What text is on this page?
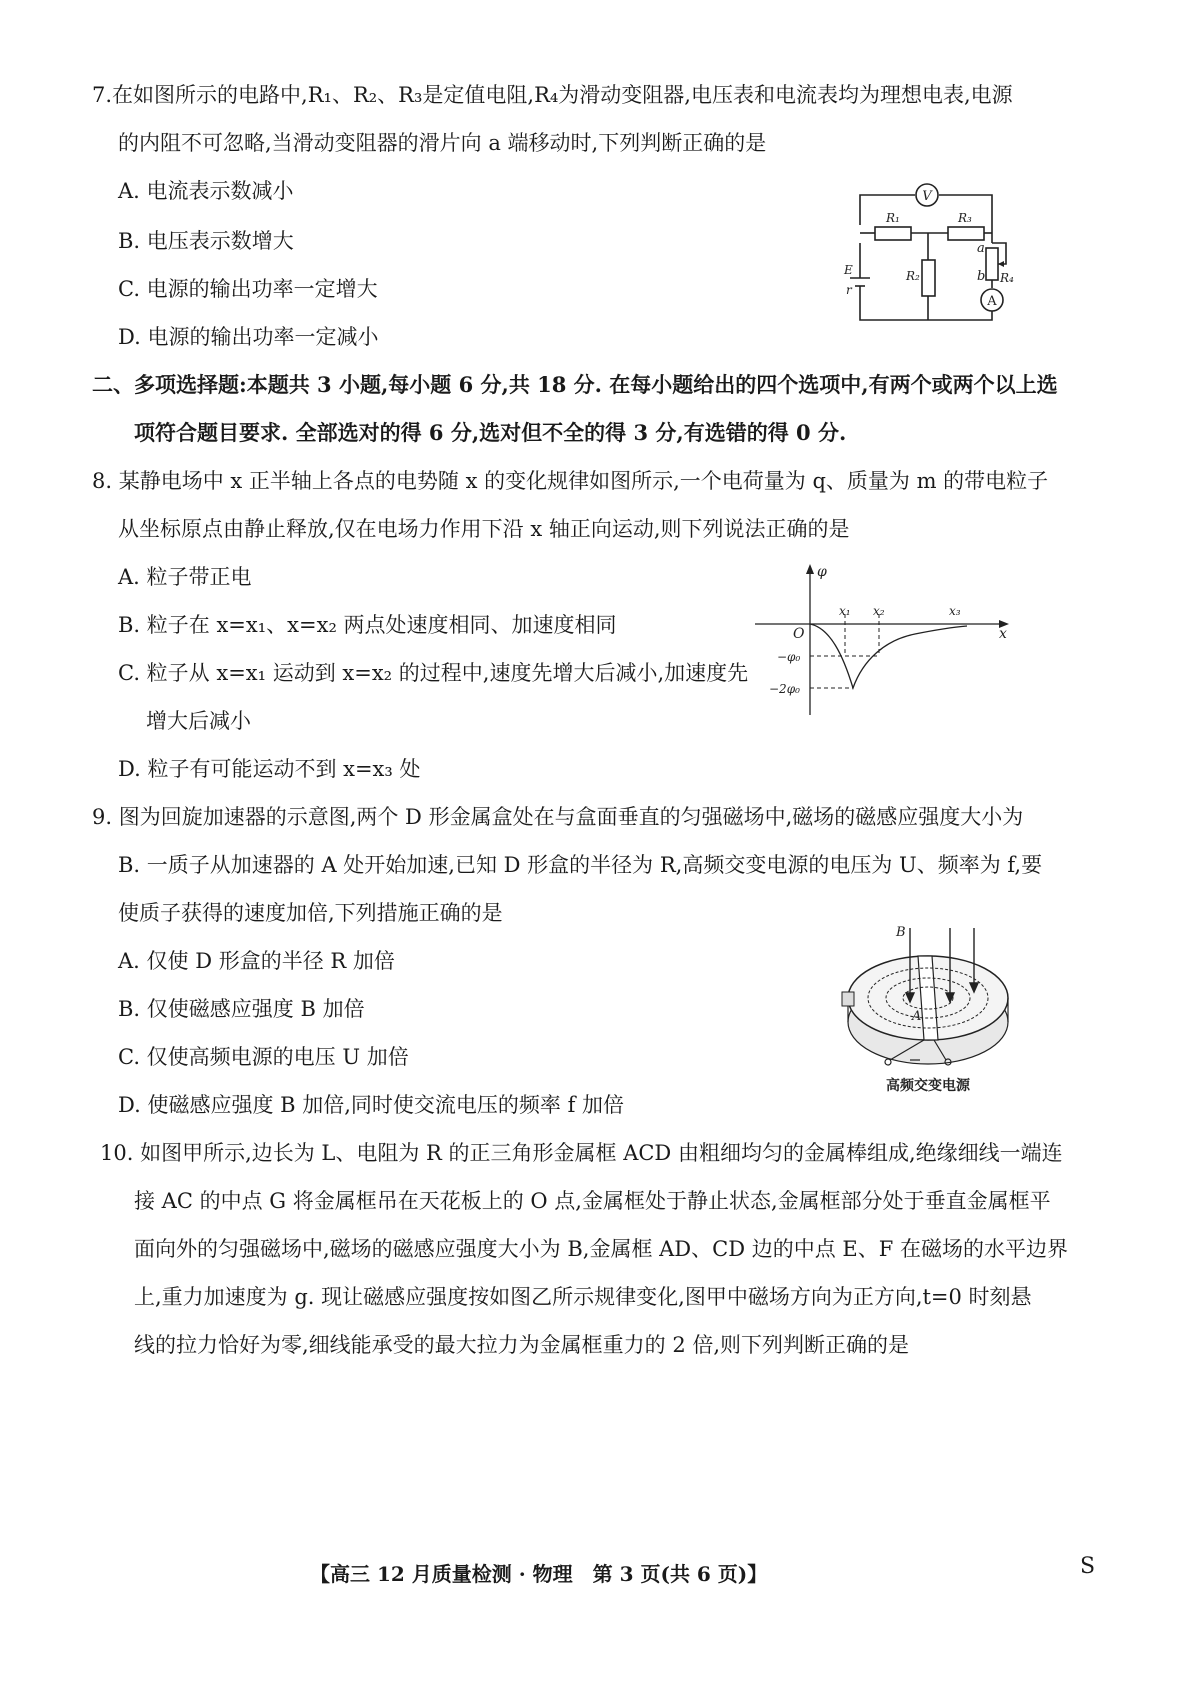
7.在如图所示的电路中,R₁、R₂、R₃是定值电阻,R₄为滑动变阻器,电压表和电流表均为理想电表,电源
的内阻不可忽略,当滑动变阻器的滑片向 a 端移动时,下列判断正确的是
A. 电流表示数减小
B. 电压表示数增大
C. 电源的输出功率一定增大
D. 电源的输出功率一定减小
V
A
R₁	R₃
R₂	R₄
E
r
a
b
二、多项选择题:本题共 3 小题,每小题 6 分,共 18 分. 在每小题给出的四个选项中,有两个或两个以上选
项符合题目要求. 全部选对的得 6 分,选对但不全的得 3 分,有选错的得 0 分.
8. 某静电场中 x 正半轴上各点的电势随 x 的变化规律如图所示,一个电荷量为 q、质量为 m 的带电粒子
从坐标原点由静止释放,仅在电场力作用下沿 x 轴正向运动,则下列说法正确的是
A. 粒子带正电
B. 粒子在 x=x₁、x=x₂ 两点处速度相同、加速度相同
C. 粒子从 x=x₁ 运动到 x=x₂ 的过程中,速度先增大后减小,加速度先
增大后减小
D. 粒子有可能运动不到 x=x₃ 处
φ
O	x
x₁ x₂	x₃
−φ₀
−2φ₀
9. 图为回旋加速器的示意图,两个 D 形金属盒处在与盒面垂直的匀强磁场中,磁场的磁感应强度大小为
B. 一质子从加速器的 A 处开始加速,已知 D 形盒的半径为 R,高频交变电源的电压为 U、频率为 f,要
使质子获得的速度加倍,下列措施正确的是
A. 仅使 D 形盒的半径 R 加倍
B. 仅使磁感应强度 B 加倍
C. 仅使高频电源的电压 U 加倍
D. 使磁感应强度 B 加倍,同时使交流电压的频率 f 加倍
B
A
高频交变电源
10. 如图甲所示,边长为 L、电阻为 R 的正三角形金属框 ACD 由粗细均匀的金属棒组成,绝缘细线一端连
接 AC 的中点 G 将金属框吊在天花板上的 O 点,金属框处于静止状态,金属框部分处于垂直金属框平
面向外的匀强磁场中,磁场的磁感应强度大小为 B,金属框 AD、CD 边的中点 E、F 在磁场的水平边界
上,重力加速度为 g. 现让磁感应强度按如图乙所示规律变化,图甲中磁场方向为正方向,t=0 时刻悬
线的拉力恰好为零,细线能承受的最大拉力为金属框重力的 2 倍,则下列判断正确的是
【高三 12 月质量检测 · 物理　第 3 页(共 6 页)】	S
